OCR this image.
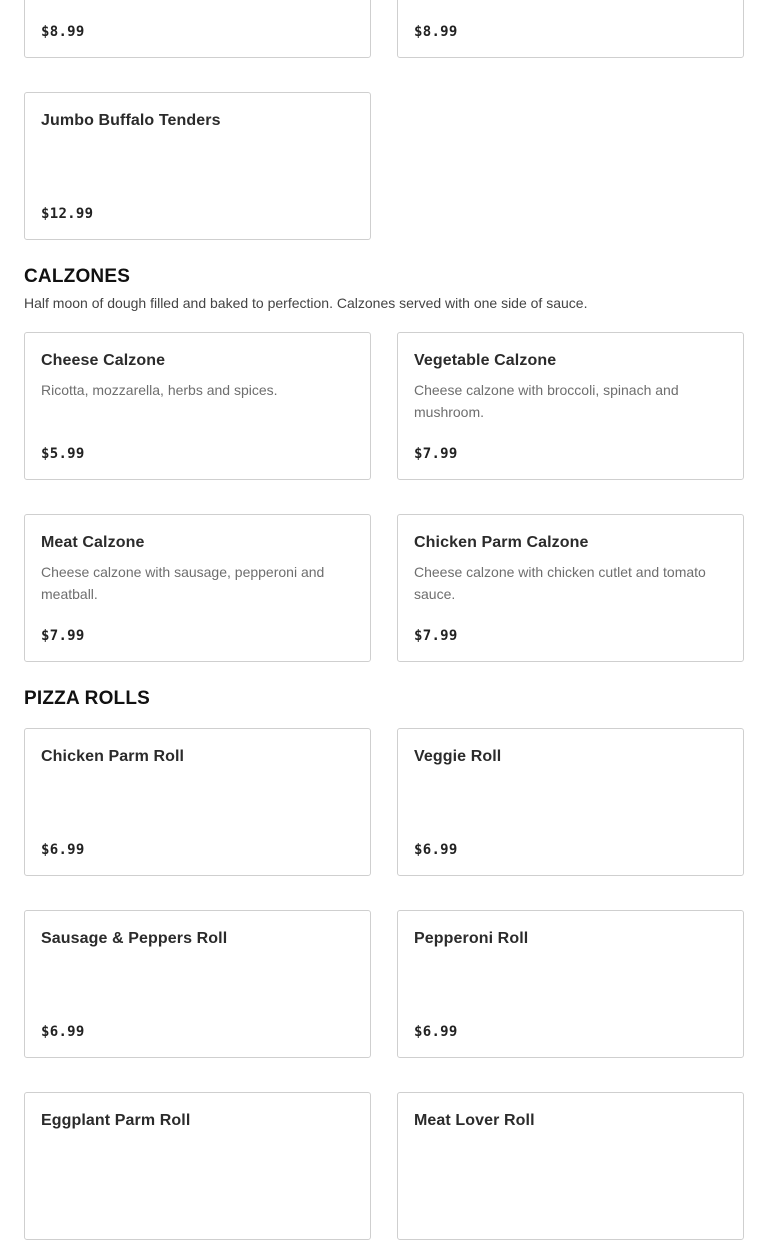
$8.99	$8.99
Jumbo Buffalo Tenders
$12.99
CALZONES
Half moon of dough filled and baked to perfection. Calzones served with one side of sauce.
Cheese Calzone
Ricotta, mozzarella, herbs and spices.
$5.99
Vegetable Calzone
Cheese calzone with broccoli, spinach and mushroom.
$7.99
Meat Calzone
Cheese calzone with sausage, pepperoni and meatball.
$7.99
Chicken Parm Calzone
Cheese calzone with chicken cutlet and tomato sauce.
$7.99
PIZZA ROLLS
Chicken Parm Roll
$6.99
Veggie Roll
$6.99
Sausage & Peppers Roll
$6.99
Pepperoni Roll
$6.99
Eggplant Parm Roll	Meat Lover Roll
